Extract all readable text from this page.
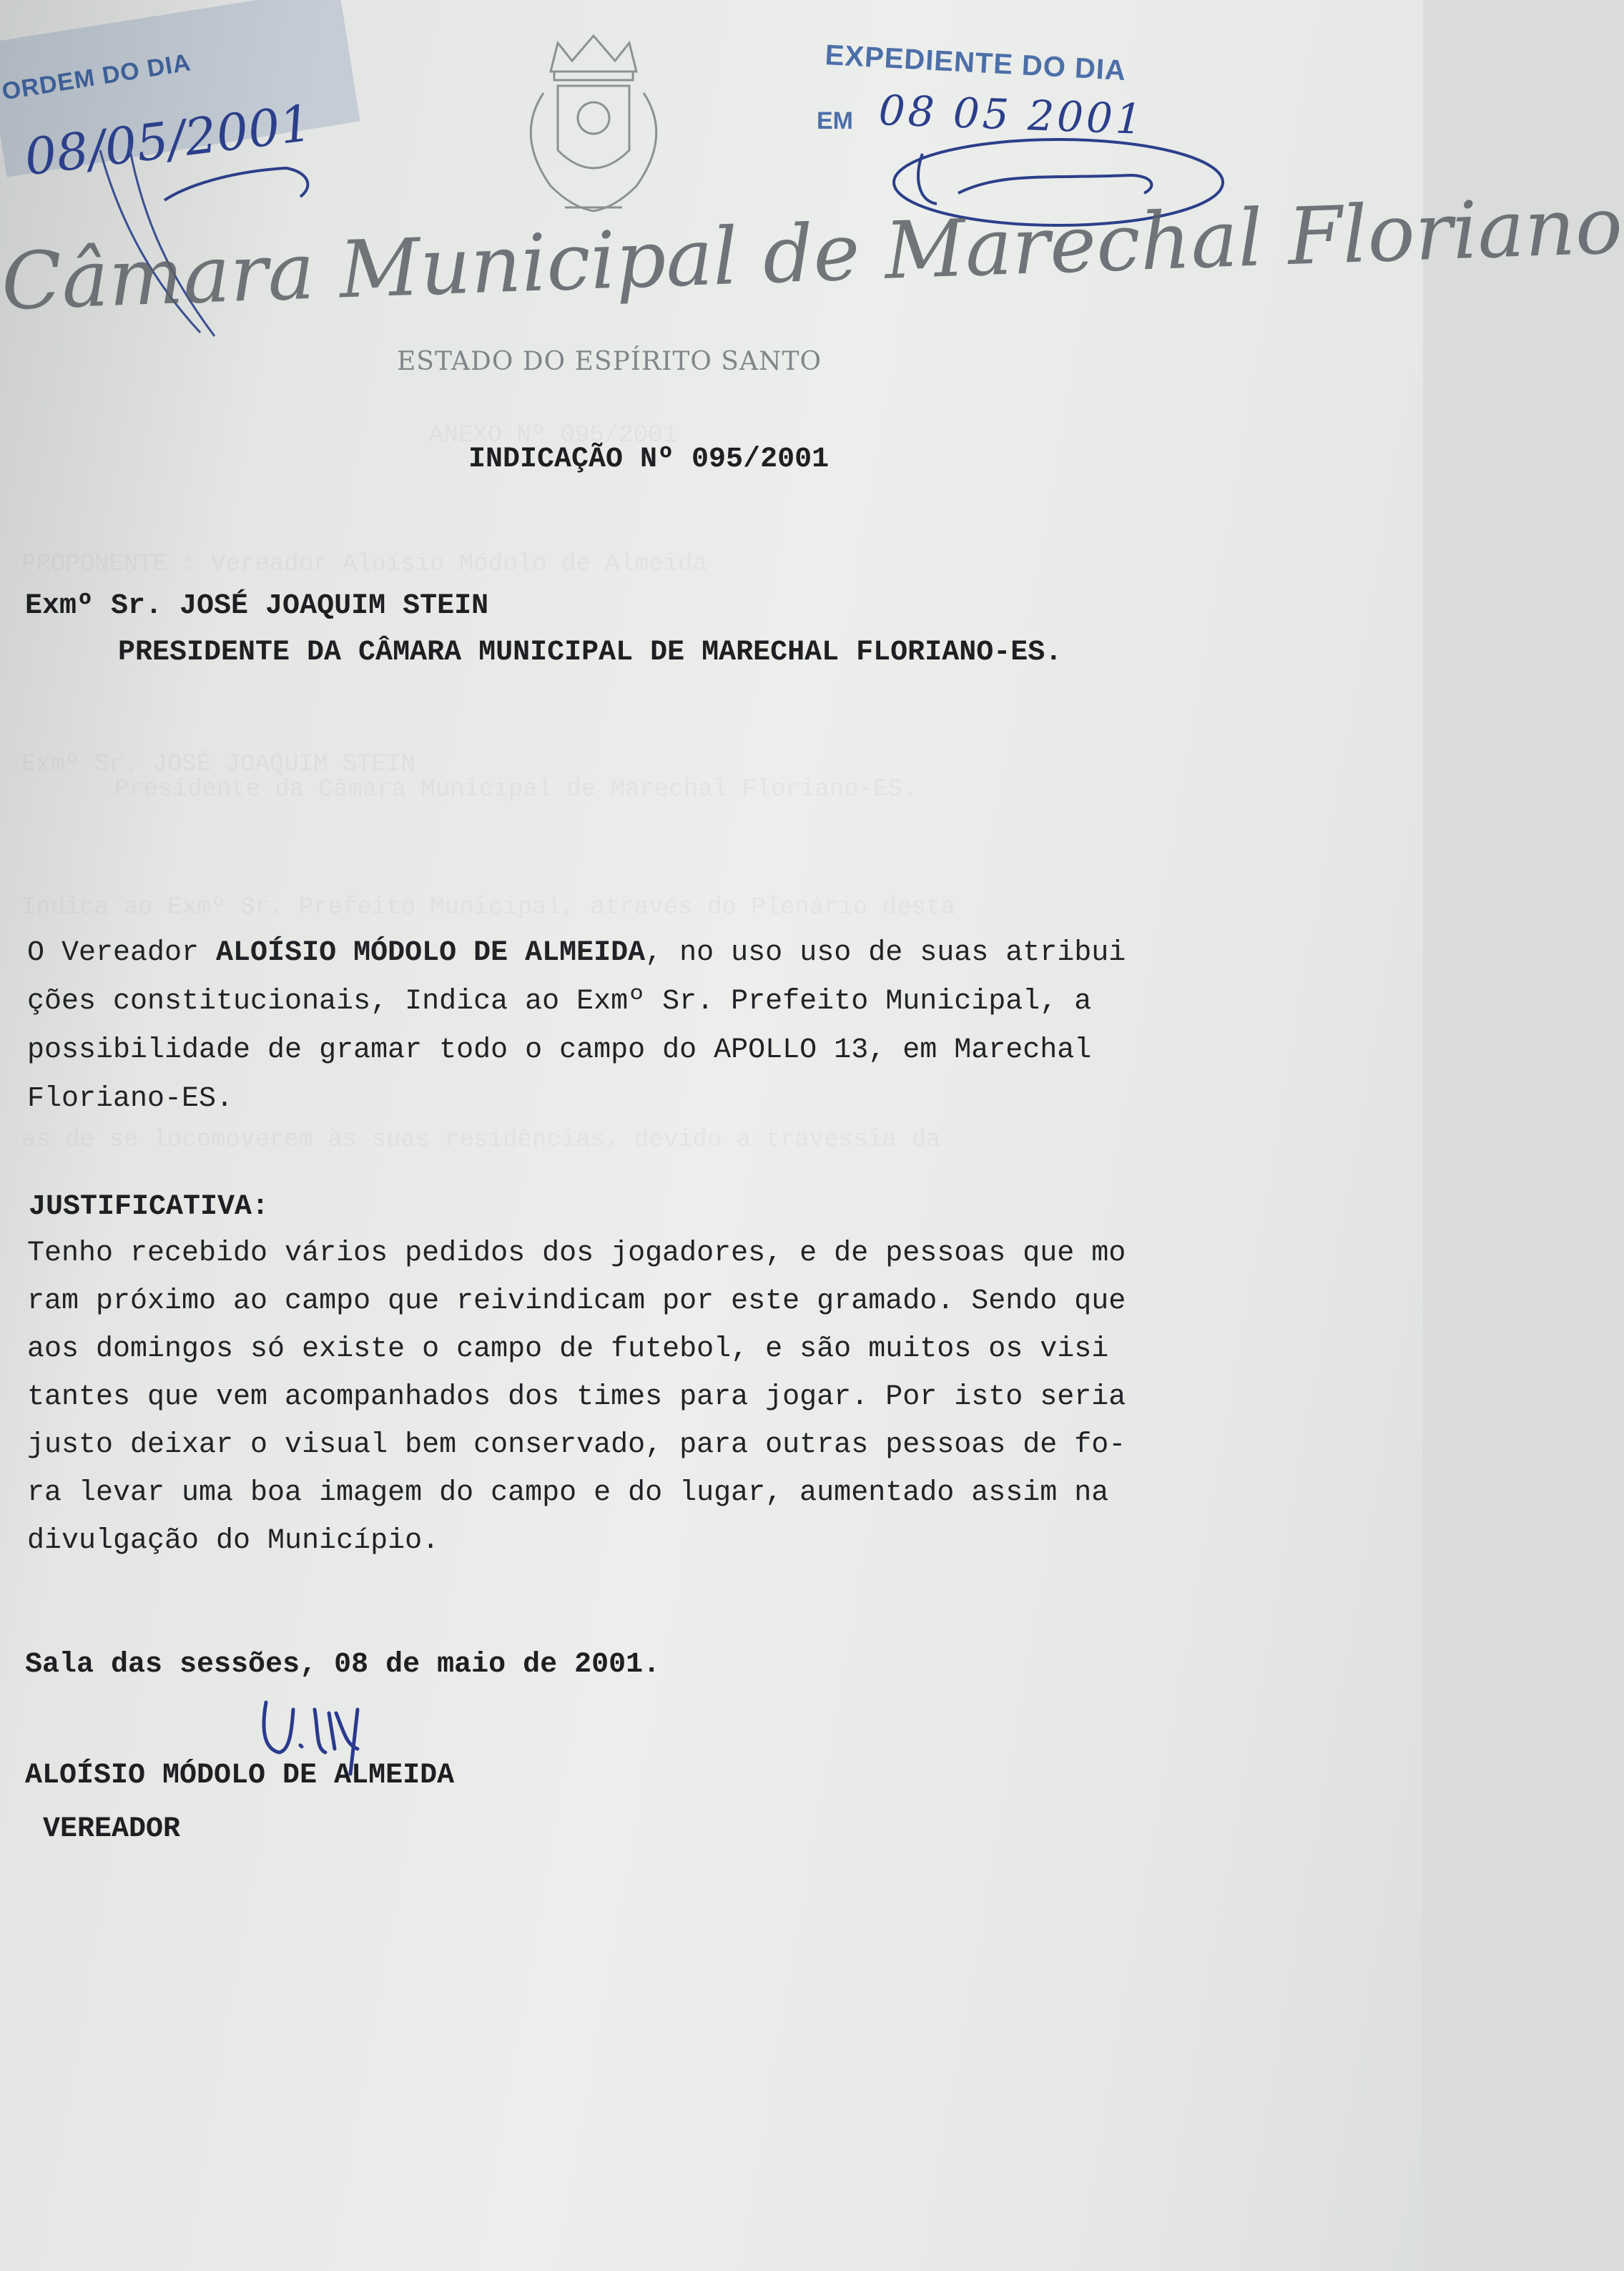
ANEXO Nº 095/2001
PROPONENTE : Vereador Aloísio Módolo de Almeida
Exmº Sr. JOSÉ JOAQUIM STEIN
Presidente da Câmara Municipal de Marechal Floriano-ES.
Indica ao Exmº Sr. Prefeito Municipal, através do Plenário desta
as de se locomoverem às suas residências, devido a travessia da
ORDEM DO DIA
08/05/2001
EXPEDIENTE DO DIA
EM 08 05 2001
Câmara Municipal de Marechal Floriano
ESTADO DO ESPÍRITO SANTO
INDICAÇÃO Nº 095/2001
Exmº Sr. JOSÉ JOAQUIM STEIN
PRESIDENTE DA CÂMARA MUNICIPAL DE MARECHAL FLORIANO-ES.
O Vereador ALOÍSIO MÓDOLO DE ALMEIDA, no uso uso de suas atribui
ções constitucionais, Indica ao Exmº Sr. Prefeito Municipal, a
possibilidade de gramar todo o campo do APOLLO 13, em Marechal
Floriano-ES.
JUSTIFICATIVA:
Tenho recebido vários pedidos dos jogadores, e de pessoas que mo
ram próximo ao campo que reivindicam por este gramado. Sendo que
aos domingos só existe o campo de futebol, e são muitos os visi
tantes que vem acompanhados dos times para jogar. Por isto seria
justo deixar o visual bem conservado, para outras pessoas de fo-
ra levar uma boa imagem do campo e do lugar, aumentado assim na
divulgação do Município.
Sala das sessões, 08 de maio de 2001.
ALOÍSIO MÓDOLO DE ALMEIDA
VEREADOR
